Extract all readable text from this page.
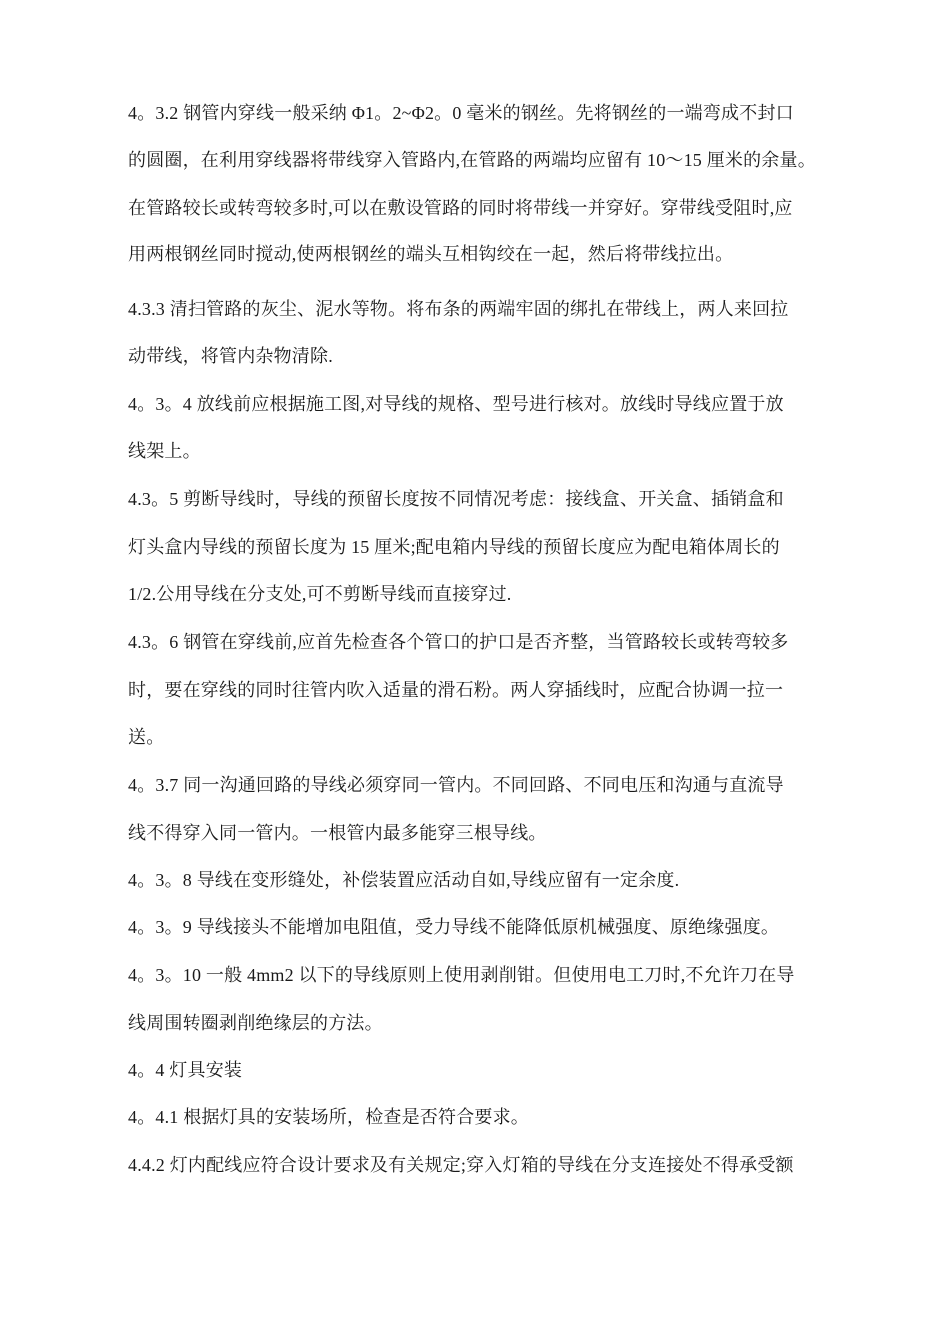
4。3.2 钢管内穿线一般采纳 Φ1。2~Φ2。0 毫米的钢丝。先将钢丝的一端弯成不封口
的圆圈，在利用穿线器将带线穿入管路内,在管路的两端均应留有 10～15 厘米的余量。
在管路较长或转弯较多时,可以在敷设管路的同时将带线一并穿好。穿带线受阻时,应
用两根钢丝同时搅动,使两根钢丝的端头互相钩绞在一起，然后将带线拉出。
4.3.3 清扫管路的灰尘、泥水等物。将布条的两端牢固的绑扎在带线上，两人来回拉
动带线，将管内杂物清除.
4。3。4 放线前应根据施工图,对导线的规格、型号进行核对。放线时导线应置于放
线架上。
4.3。5 剪断导线时，导线的预留长度按不同情况考虑：接线盒、开关盒、插销盒和
灯头盒内导线的预留长度为 15 厘米;配电箱内导线的预留长度应为配电箱体周长的
1/2.公用导线在分支处,可不剪断导线而直接穿过.
4.3。6 钢管在穿线前,应首先检查各个管口的护口是否齐整，当管路较长或转弯较多
时，要在穿线的同时往管内吹入适量的滑石粉。两人穿插线时，应配合协调一拉一
送。
4。3.7 同一沟通回路的导线必须穿同一管内。不同回路、不同电压和沟通与直流导
线不得穿入同一管内。一根管内最多能穿三根导线。
4。3。8 导线在变形缝处，补偿装置应活动自如,导线应留有一定余度.
4。3。9 导线接头不能增加电阻值，受力导线不能降低原机械强度、原绝缘强度。
4。3。10 一般 4mm2 以下的导线原则上使用剥削钳。但使用电工刀时,不允许刀在导
线周围转圈剥削绝缘层的方法。
4。4 灯具安装
4。4.1 根据灯具的安装场所，检查是否符合要求。
4.4.2 灯内配线应符合设计要求及有关规定;穿入灯箱的导线在分支连接处不得承受额
